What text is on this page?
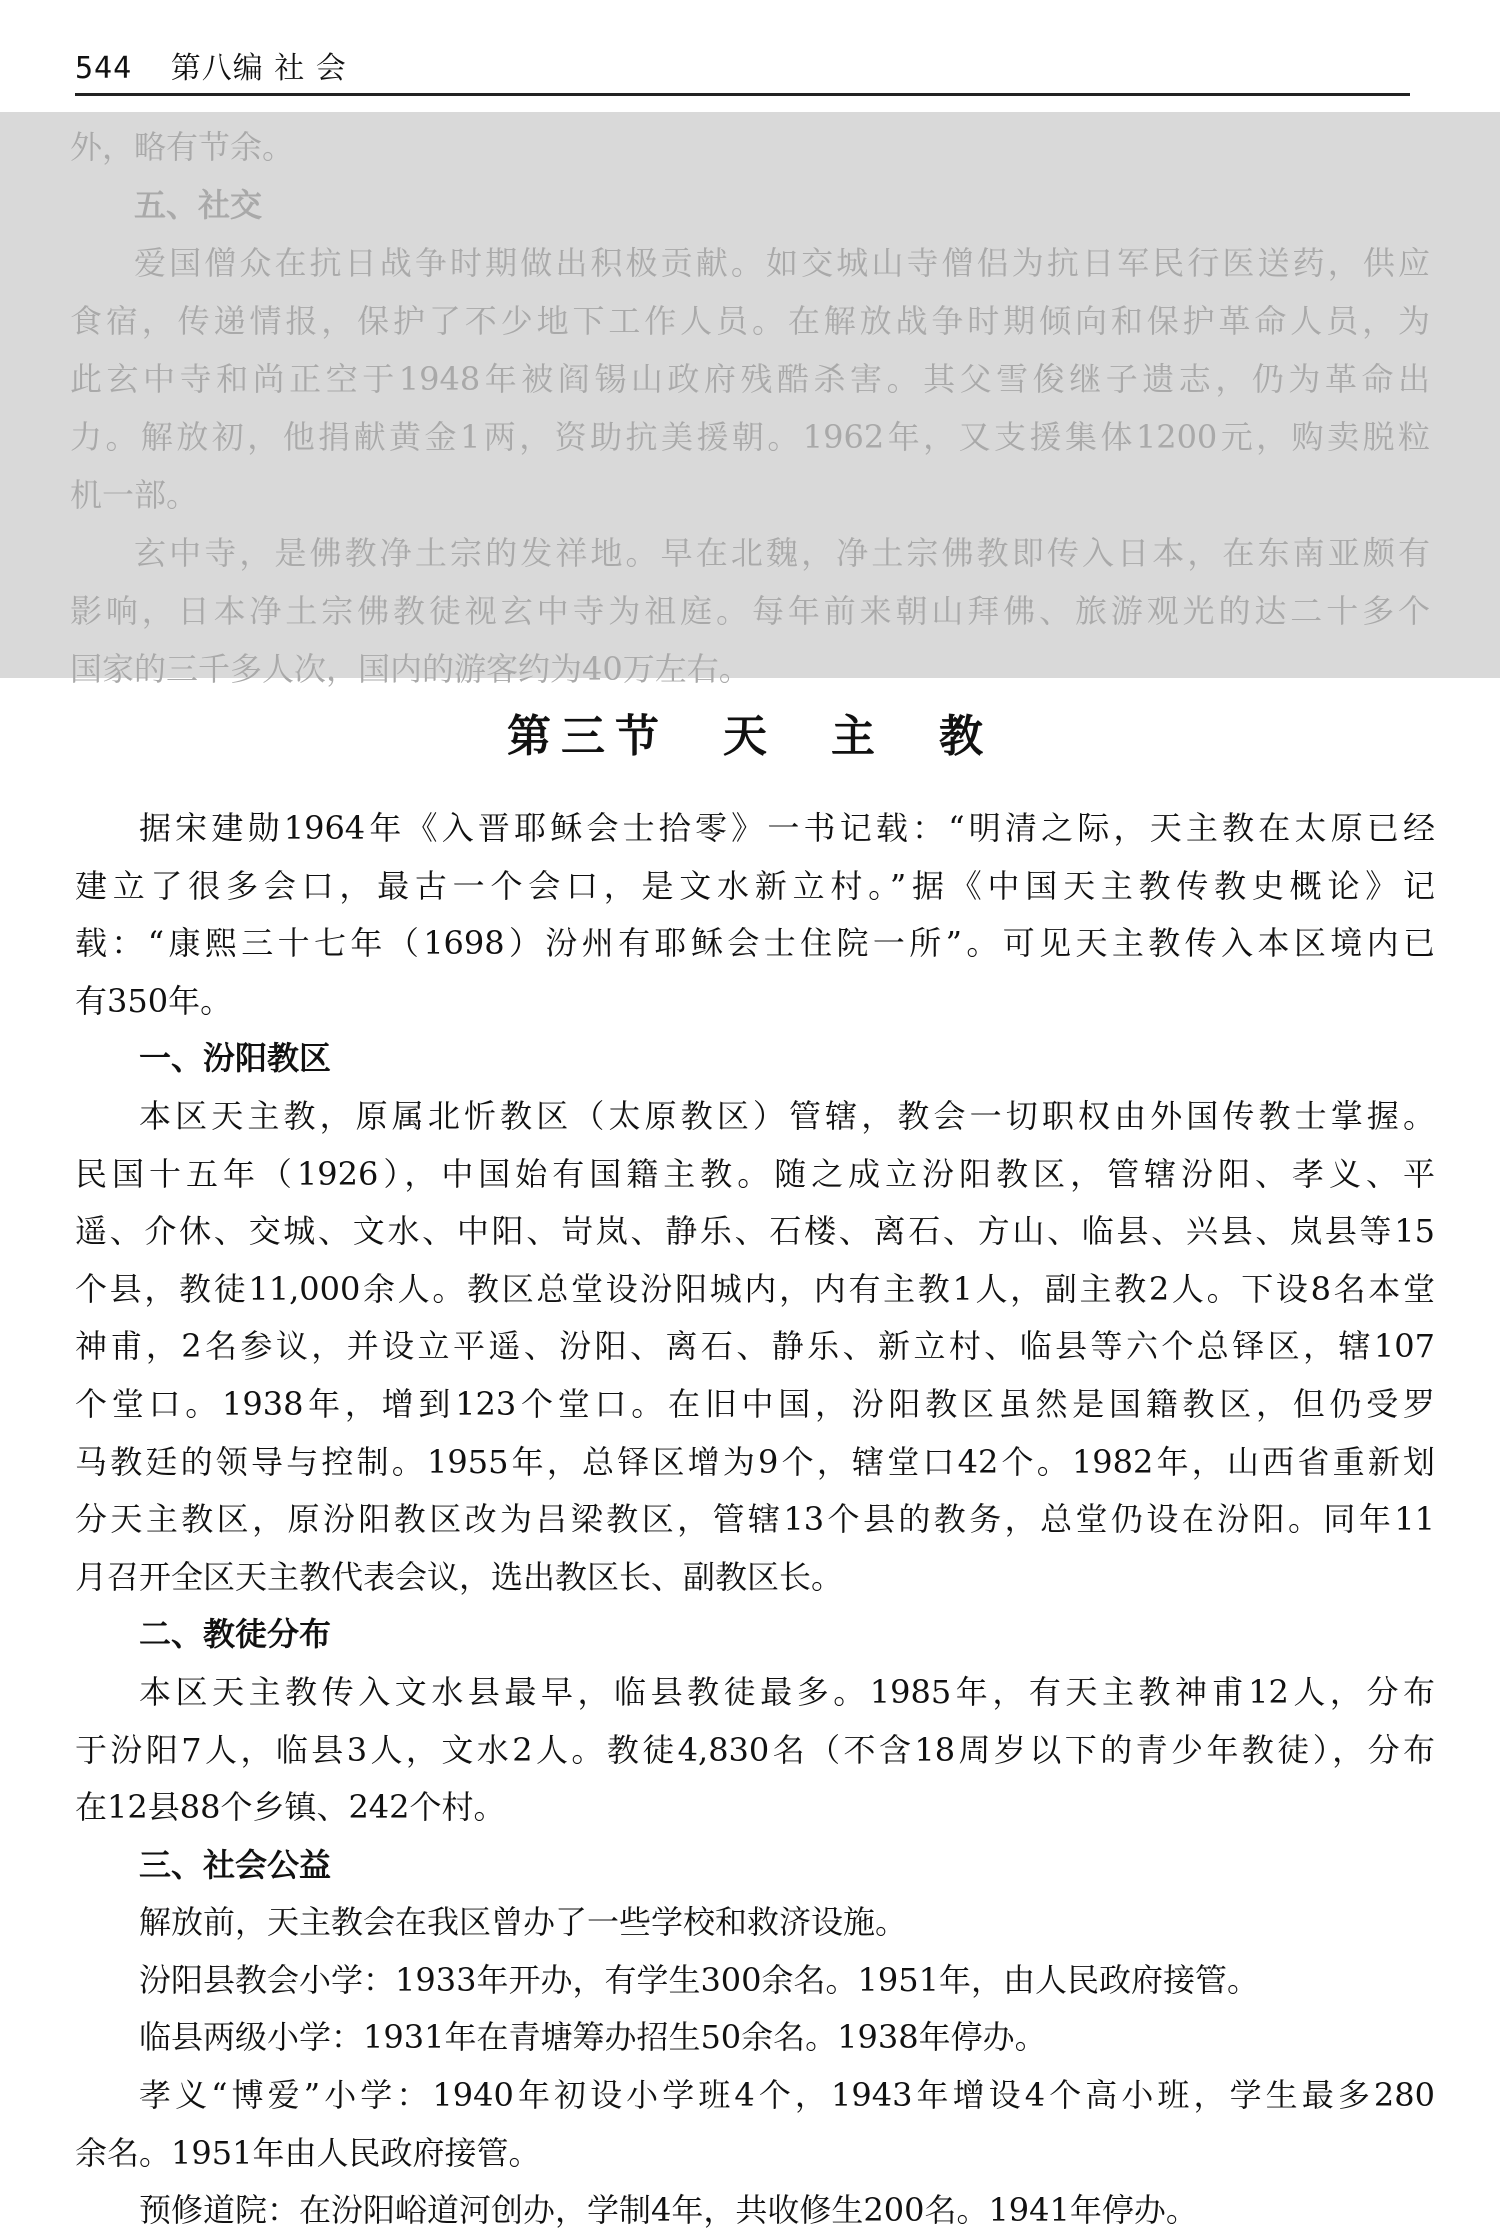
544 第八编 社 会
外，略有节余。
五、社交
爱国僧众在抗日战争时期做出积极贡献。如交城山寺僧侣为抗日军民行医送药，供应
食宿，传递情报，保护了不少地下工作人员。在解放战争时期倾向和保护革命人员，为
此玄中寺和尚正空于1948年被阎锡山政府残酷杀害。其父雪俊继子遗志，仍为革命出
力。解放初，他捐献黄金1两，资助抗美援朝。1962年，又支援集体1200元，购卖脱粒
机一部。
玄中寺，是佛教净土宗的发祥地。早在北魏，净土宗佛教即传入日本，在东南亚颇有
影响，日本净土宗佛教徒视玄中寺为祖庭。每年前来朝山拜佛、旅游观光的达二十多个
国家的三千多人次，国内的游客约为40万左右。
第三节　天　主　教
据宋建勋1964年《入晋耶稣会士拾零》一书记载：“明清之际，天主教在太原已经
建立了很多会口，最古一个会口，是文水新立村。”据《中国天主教传教史概论》记
载：“康熙三十七年（1698）汾州有耶稣会士住院一所”。可见天主教传入本区境内已
有350年。
一、汾阳教区
本区天主教，原属北忻教区（太原教区）管辖，教会一切职权由外国传教士掌握。
民国十五年（1926），中国始有国籍主教。随之成立汾阳教区，管辖汾阳、孝义、平
遥、介休、交城、文水、中阳、岢岚、静乐、石楼、离石、方山、临县、兴县、岚县等15
个县，教徒11,000余人。教区总堂设汾阳城内，内有主教1人，副主教2人。下设8名本堂
神甫，2名参议，并设立平遥、汾阳、离石、静乐、新立村、临县等六个总铎区，辖107
个堂口。1938年，增到123个堂口。在旧中国，汾阳教区虽然是国籍教区，但仍受罗
马教廷的领导与控制。1955年，总铎区增为9个，辖堂口42个。1982年，山西省重新划
分天主教区，原汾阳教区改为吕梁教区，管辖13个县的教务，总堂仍设在汾阳。同年11
月召开全区天主教代表会议，选出教区长、副教区长。
二、教徒分布
本区天主教传入文水县最早，临县教徒最多。1985年，有天主教神甫12人，分布
于汾阳7人，临县3人，文水2人。教徒4,830名（不含18周岁以下的青少年教徒），分布
在12县88个乡镇、242个村。
三、社会公益
解放前，天主教会在我区曾办了一些学校和救济设施。
汾阳县教会小学：1933年开办，有学生300余名。1951年，由人民政府接管。
临县两级小学：1931年在青塘筹办招生50余名。1938年停办。
孝义“博爱”小学：1940年初设小学班4个，1943年增设4个高小班，学生最多280
余名。1951年由人民政府接管。
预修道院：在汾阳峪道河创办，学制4年，共收修生200名。1941年停办。
